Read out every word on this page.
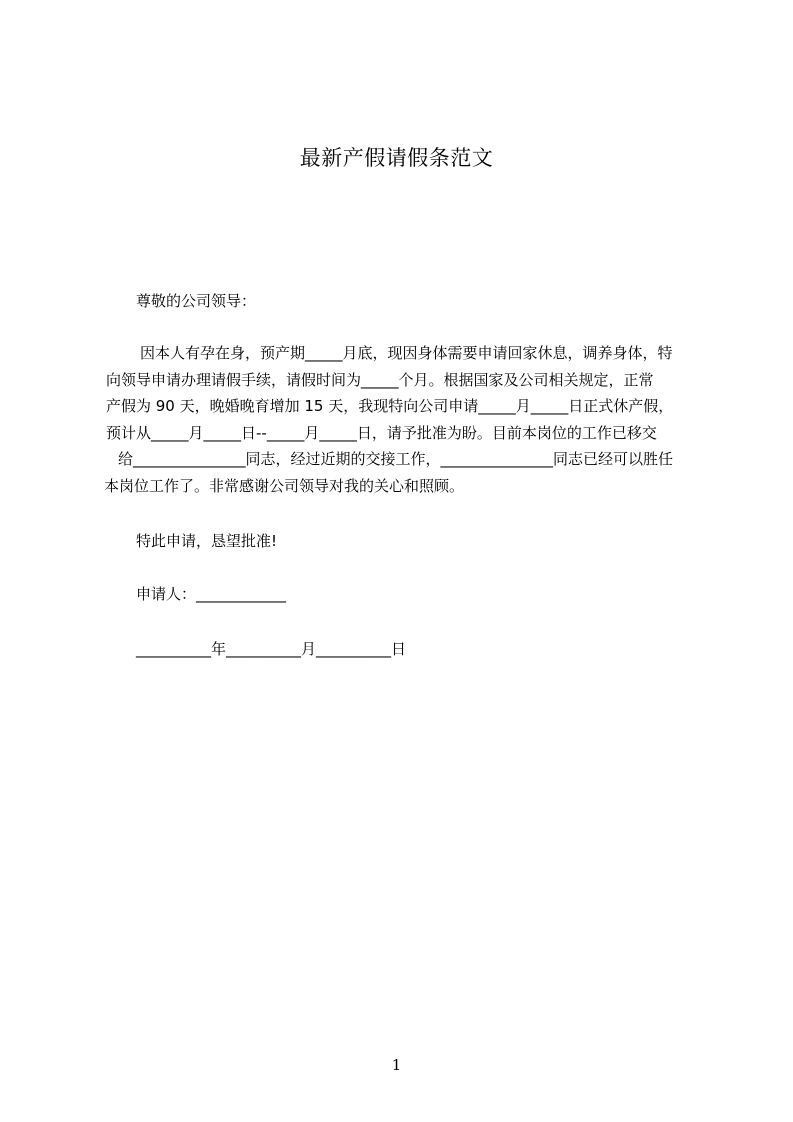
最新产假请假条范文
尊敬的公司领导：
因本人有孕在身，预产期_____月底，现因身体需要申请回家休息，调养身体，特
向领导申请办理请假手续，请假时间为_____个月。根据国家及公司相关规定，正常
产假为 90 天，晚婚晚育增加 15 天，我现特向公司申请_____月_____日正式休产假，
预计从_____月_____日--_____月_____日，请予批准为盼。目前本岗位的工作已移交
给_______________同志，经过近期的交接工作，_______________同志已经可以胜任
本岗位工作了。非常感谢公司领导对我的关心和照顾。
特此申请，恳望批准!
申请人：____________
__________年__________月__________日
1
